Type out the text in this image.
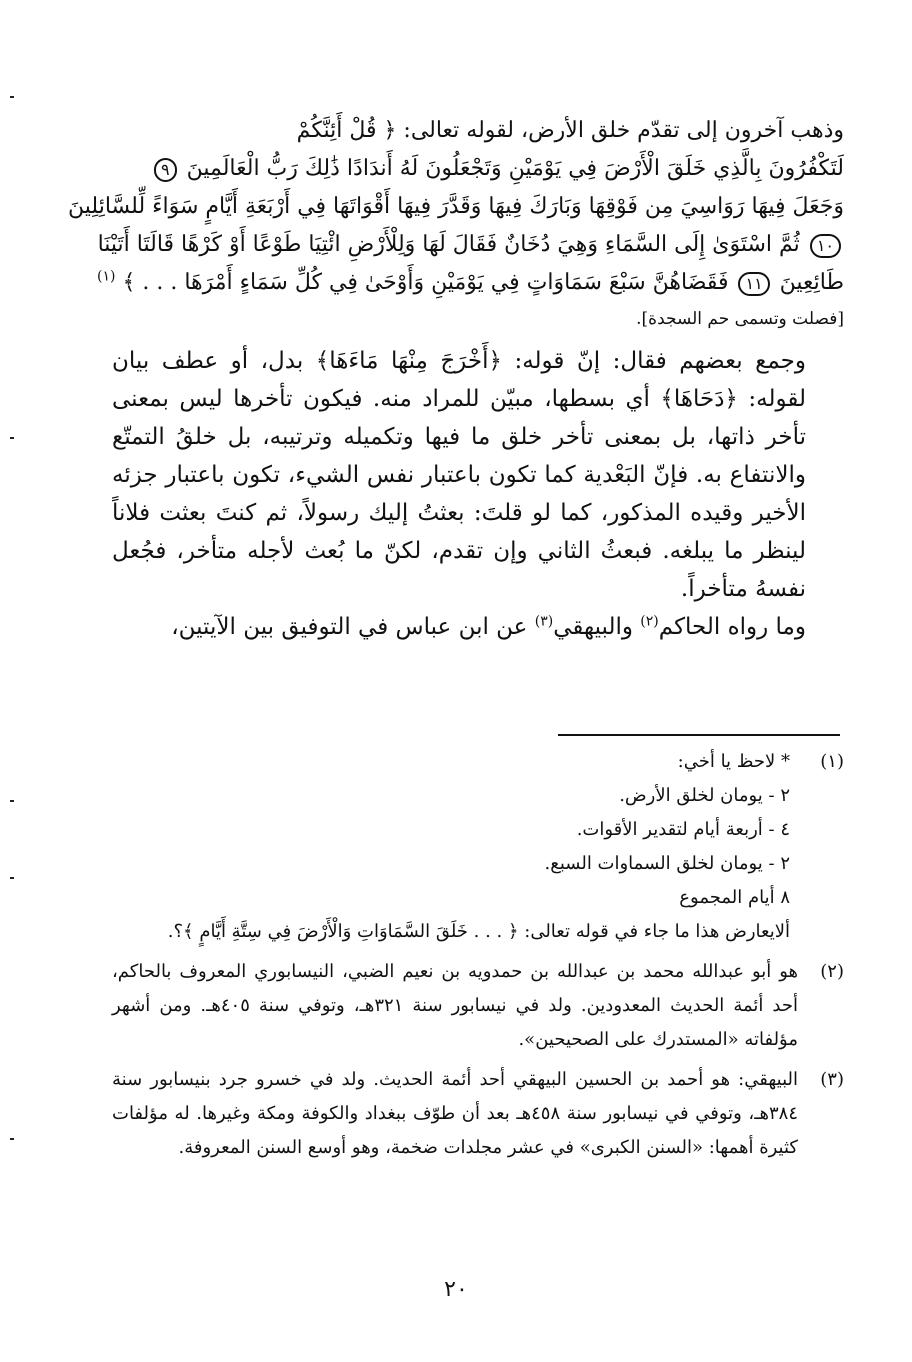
وذهب آخرون إلى تقدّم خلق الأرض، لقوله تعالى: ﴿ قُلْ أَئِنَّكُمْ
لَتَكْفُرُونَ بِالَّذِي خَلَقَ الْأَرْضَ فِي يَوْمَيْنِ وَتَجْعَلُونَ لَهُ أَندَادًا ذَٰلِكَ رَبُّ الْعَالَمِينَ ٩
وَجَعَلَ فِيهَا رَوَاسِيَ مِن فَوْقِهَا وَبَارَكَ فِيهَا وَقَدَّرَ فِيهَا أَقْوَاتَهَا فِي أَرْبَعَةِ أَيَّامٍ سَوَاءً لِّلسَّائِلِينَ
١٠ ثُمَّ اسْتَوَىٰ إِلَى السَّمَاءِ وَهِيَ دُخَانٌ فَقَالَ لَهَا وَلِلْأَرْضِ ائْتِيَا طَوْعًا أَوْ كَرْهًا قَالَتَا أَتَيْنَا
طَائِعِينَ ١١ فَقَضَاهُنَّ سَبْعَ سَمَاوَاتٍ فِي يَوْمَيْنِ وَأَوْحَىٰ فِي كُلِّ سَمَاءٍ أَمْرَهَا . . . ﴾ $^{(١)}$

[فصلت وتسمى حم السجدة].

وجمع بعضهم فقال: إنّ قوله: ﴿أَخْرَجَ مِنْهَا مَاءَهَا﴾ بدل، أو عطف بيان لقوله: ﴿دَحَاهَا﴾ أي بسطها، مبيّن للمراد منه. فيكون تأخرها ليس بمعنى تأخر ذاتها، بل بمعنى تأخر خلق ما فيها وتكميله وترتيبه، بل خلقُ التمتّع والانتفاع به. فإنّ البَعْدية كما تكون باعتبار نفس الشيء، تكون باعتبار جزئه الأخير وقيده المذكور، كما لو قلتَ: بعثتُ إليك رسولاً، ثم كنتَ بعثت فلاناً لينظر ما يبلغه. فبعثُ الثاني وإن تقدم، لكنّ ما بُعث لأجله متأخر، فجُعل نفسهُ متأخراً.

وما رواه الحاكم$^{(٢)}$ والبيهقي$^{(٣)}$ عن ابن عباس في التوفيق بين الآيتين،

(١)
* لاحظ يا أخي:
٢ - يومان لخلق الأرض.
٤ - أربعة أيام لتقدير الأقوات.
٢ - يومان لخلق السماوات السبع.
٨ أيام المجموع
ألايعارض هذا ما جاء في قوله تعالى: ﴿ . . . خَلَقَ السَّمَاوَاتِ وَالْأَرْضَ فِي سِتَّةِ أَيَّامٍ ﴾؟.
(٢)
هو أبو عبدالله محمد بن عبدالله بن حمدويه بن نعيم الضبي، النيسابوري المعروف بالحاكم، أحد أئمة الحديث المعدودين. ولد في نيسابور سنة ٣٢١هـ، وتوفي سنة ٤٠٥هـ. ومن أشهر مؤلفاته «المستدرك على الصحيحين».
(٣)
البيهقي: هو أحمد بن الحسين البيهقي أحد أئمة الحديث. ولد في خسرو جرد بنيسابور سنة ٣٨٤هـ، وتوفي في نيسابور سنة ٤٥٨هـ بعد أن طوّف ببغداد والكوفة ومكة وغيرها. له مؤلفات كثيرة أهمها: «السنن الكبرى» في عشر مجلدات ضخمة، وهو أوسع السنن المعروفة.
٢٠
